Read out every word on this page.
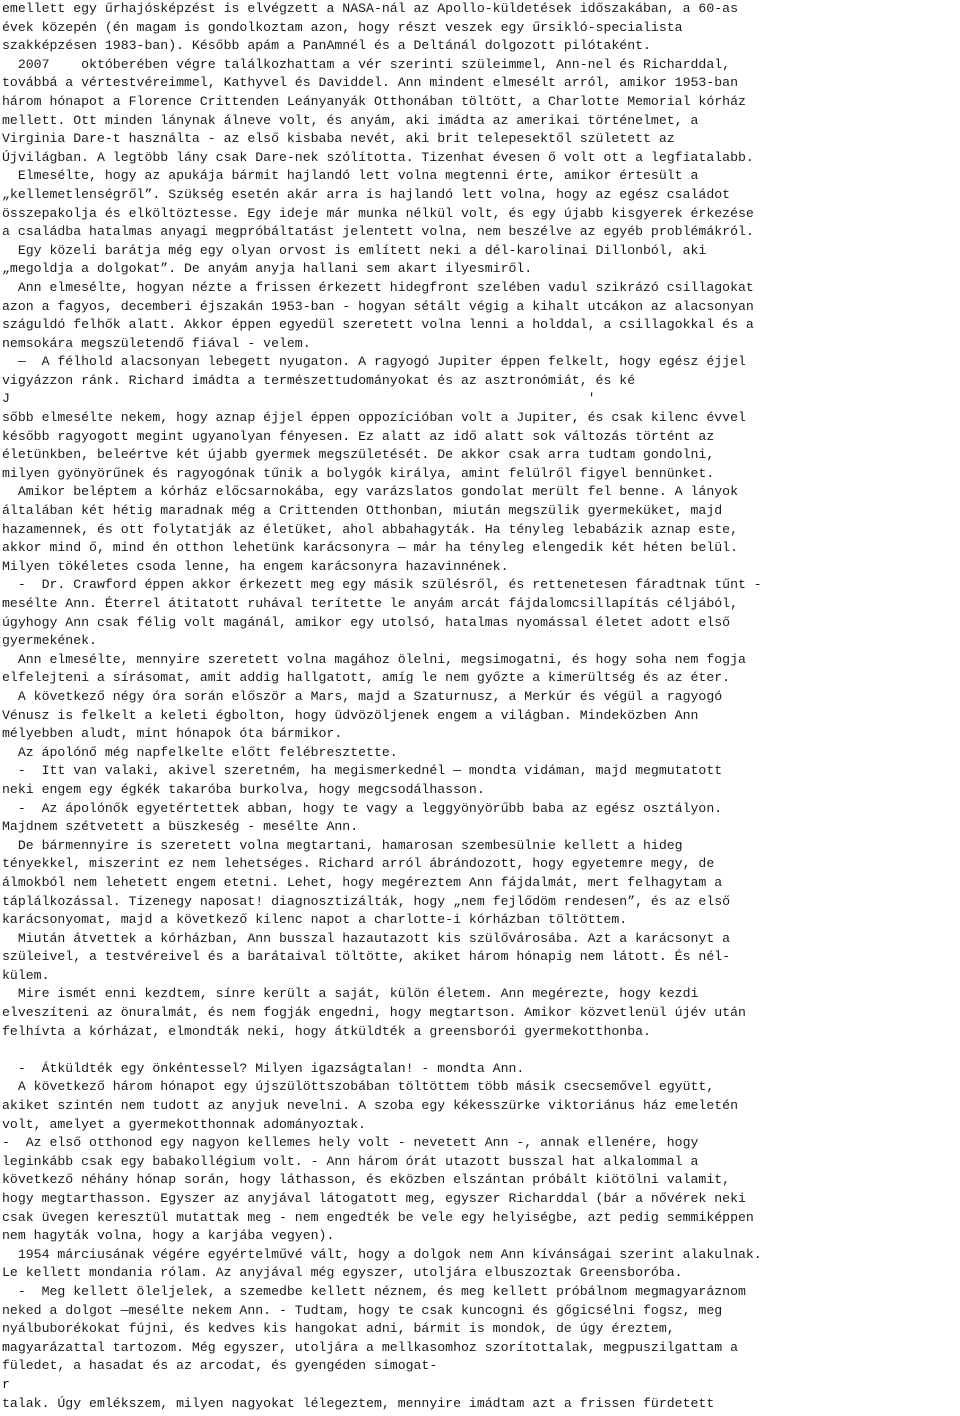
emellett egy űrhajósképzést is elvégzett a NASA-nál az Apollo-küldetések időszakában, a 60-as
évek közepén (én magam is gondolkoztam azon, hogy részt veszek egy űrsikló-specialista
szakképzésen 1983-ban). Később apám a PanAmnél és a Deltánál dolgozott pilótaként.
2007    októberében végre találkozhattam a vér szerinti szüleimmel, Ann-nel és Richarddal,
továbbá a vértestvéreimmel, Kathyvel és Daviddel. Ann mindent elmesélt arról, amikor 1953-ban
három hónapot a Florence Crittenden Leányanyák Otthonában töltött, a Charlotte Memorial kórház
mellett. Ott minden lánynak álneve volt, és anyám, aki imádta az amerikai történelmet, a
Virginia Dare-t használta - az első kisbaba nevét, aki brit telepesektől született az
Újvilágban. A legtöbb lány csak Dare-nek szólította. Tizenhat évesen ő volt ott a legfiatalabb.
Elmesélte, hogy az apukája bármit hajlandó lett volna megtenni érte, amikor értesült a
„kellemetlenségről”. Szükség esetén akár arra is hajlandó lett volna, hogy az egész családot
összepakolja és elköltöztesse. Egy ideje már munka nélkül volt, és egy újabb kisgyerek érkezése
a családba hatalmas anyagi megpróbáltatást jelentett volna, nem beszélve az egyéb problémákról.
Egy közeli barátja még egy olyan orvost is említett neki a dél-karolinai Dillonból, aki
„megoldja a dolgokat”. De anyám anyja hallani sem akart ilyesmiről.
Ann elmesélte, hogyan nézte a frissen érkezett hidegfront szelében vadul szikrázó csillagokat
azon a fagyos, decemberi éjszakán 1953-ban - hogyan sétált végig a kihalt utcákon az alacsonyan
száguldó felhők alatt. Akkor éppen egyedül szeretett volna lenni a holddal, a csillagokkal és a
nemsokára megszületendő fiával - velem.
—  A félhold alacsonyan lebegett nyugaton. A ragyogó Jupiter éppen felkelt, hogy egész éjjel
vigyázzon ránk. Richard imádta a természettudományokat és az asztronómiát, és ké
J                                                                         '
sőbb elmesélte nekem, hogy aznap éjjel éppen oppozícióban volt a Jupiter, és csak kilenc évvel
később ragyogott megint ugyanolyan fényesen. Ez alatt az idő alatt sok változás történt az
életünkben, beleértve két újabb gyermek megszületését. De akkor csak arra tudtam gondolni,
milyen gyönyörűnek és ragyogónak tűnik a bolygók királya, amint felülről figyel bennünket.
Amikor beléptem a kórház előcsarnokába, egy varázslatos gondolat merült fel benne. A lányok
általában két hétig maradnak még a Crittenden Otthonban, miután megszülik gyermeküket, majd
hazamennek, és ott folytatják az életüket, ahol abbahagyták. Ha tényleg lebabázik aznap este,
akkor mind ő, mind én otthon lehetünk karácsonyra — már ha tényleg elengedik két héten belül.
Milyen tökéletes csoda lenne, ha engem karácsonyra hazavinnének.
-  Dr. Crawford éppen akkor érkezett meg egy másik szülésről, és rettenetesen fáradtnak tűnt -
mesélte Ann. Éterrel átitatott ruhával terítette le anyám arcát fájdalomcsillapítás céljából,
úgyhogy Ann csak félig volt magánál, amikor egy utolsó, hatalmas nyomással életet adott első
gyermekének.
Ann elmesélte, mennyire szeretett volna magához ölelni, megsimogatni, és hogy soha nem fogja
elfelejteni a sírásomat, amit addig hallgatott, amíg le nem győzte a kimerültség és az éter.
A következő négy óra során először a Mars, majd a Szaturnusz, a Merkúr és végül a ragyogó
Vénusz is felkelt a keleti égbolton, hogy üdvözöljenek engem a világban. Mindeközben Ann
mélyebben aludt, mint hónapok óta bármikor.
Az ápolónő még napfelkelte előtt felébresztette.
-  Itt van valaki, akivel szeretném, ha megismerkednél — mondta vidáman, majd megmutatott
neki engem egy égkék takaróba burkolva, hogy megcsodálhasson.
-  Az ápolónők egyetértettek abban, hogy te vagy a leggyönyörűbb baba az egész osztályon.
Majdnem szétvetett a büszkeség - mesélte Ann.
De bármennyire is szeretett volna megtartani, hamarosan szembesülnie kellett a hideg
tényekkel, miszerint ez nem lehetséges. Richard arról ábrándozott, hogy egyetemre megy, de
álmokból nem lehetett engem etetni. Lehet, hogy megéreztem Ann fájdalmát, mert felhagytam a
táplálkozással. Tizenegy naposat! diagnosztizálták, hogy „nem fejlődöm rendesen”, és az első
karácsonyomat, majd a következő kilenc napot a charlotte-i kórházban töltöttem.
Miután átvettek a kórházban, Ann busszal hazautazott kis szülővárosába. Azt a karácsonyt a
szüleivel, a testvéreivel és a barátaival töltötte, akiket három hónapig nem látott. És nél-
külem.
Mire ismét enni kezdtem, sínre került a saját, külön életem. Ann megérezte, hogy kezdi
elveszíteni az önuralmát, és nem fogják engedni, hogy megtartson. Amikor közvetlenül újév után
felhívta a kórházat, elmondták neki, hogy átküldték a greensborói gyermekotthonba.
-  Átküldték egy önkéntessel? Milyen igazságtalan! - mondta Ann.
A következő három hónapot egy újszülöttszobában töltöttem több másik csecsemővel együtt,
akiket szintén nem tudott az anyjuk nevelni. A szoba egy kékesszürke viktoriánus ház emeletén
volt, amelyet a gyermekotthonnak adományoztak.
-  Az első otthonod egy nagyon kellemes hely volt - nevetett Ann -, annak ellenére, hogy
leginkább csak egy babakollégium volt. - Ann három órát utazott busszal hat alkalommal a
következő néhány hónap során, hogy láthasson, és eközben elszántan próbált kiötölni valamit,
hogy megtarthasson. Egyszer az anyjával látogatott meg, egyszer Richarddal (bár a nővérek neki
csak üvegen keresztül mutattak meg - nem engedték be vele egy helyiségbe, azt pedig semmiképpen
nem hagyták volna, hogy a karjába vegyen).
1954 márciusának végére egyértelművé vált, hogy a dolgok nem Ann kívánságai szerint alakulnak.
Le kellett mondania rólam. Az anyjával még egyszer, utoljára elbuszoztak Greensboróba.
-  Meg kellett öleljelek, a szemedbe kellett néznem, és meg kellett próbálnom megmagyaráznom
neked a dolgot —mesélte nekem Ann. - Tudtam, hogy te csak kuncogni és gőgicsélni fogsz, meg
nyálbuborékokat fújni, és kedves kis hangokat adni, bármit is mondok, de úgy éreztem,
magyarázattal tartozom. Még egyszer, utoljára a mellkasomhoz szorítottalak, megpuszilgattam a
füledet, a hasadat és az arcodat, és gyengéden simogat-
r
talak. Úgy emlékszem, milyen nagyokat lélegeztem, mennyire imádtam azt a frissen fürdetett
